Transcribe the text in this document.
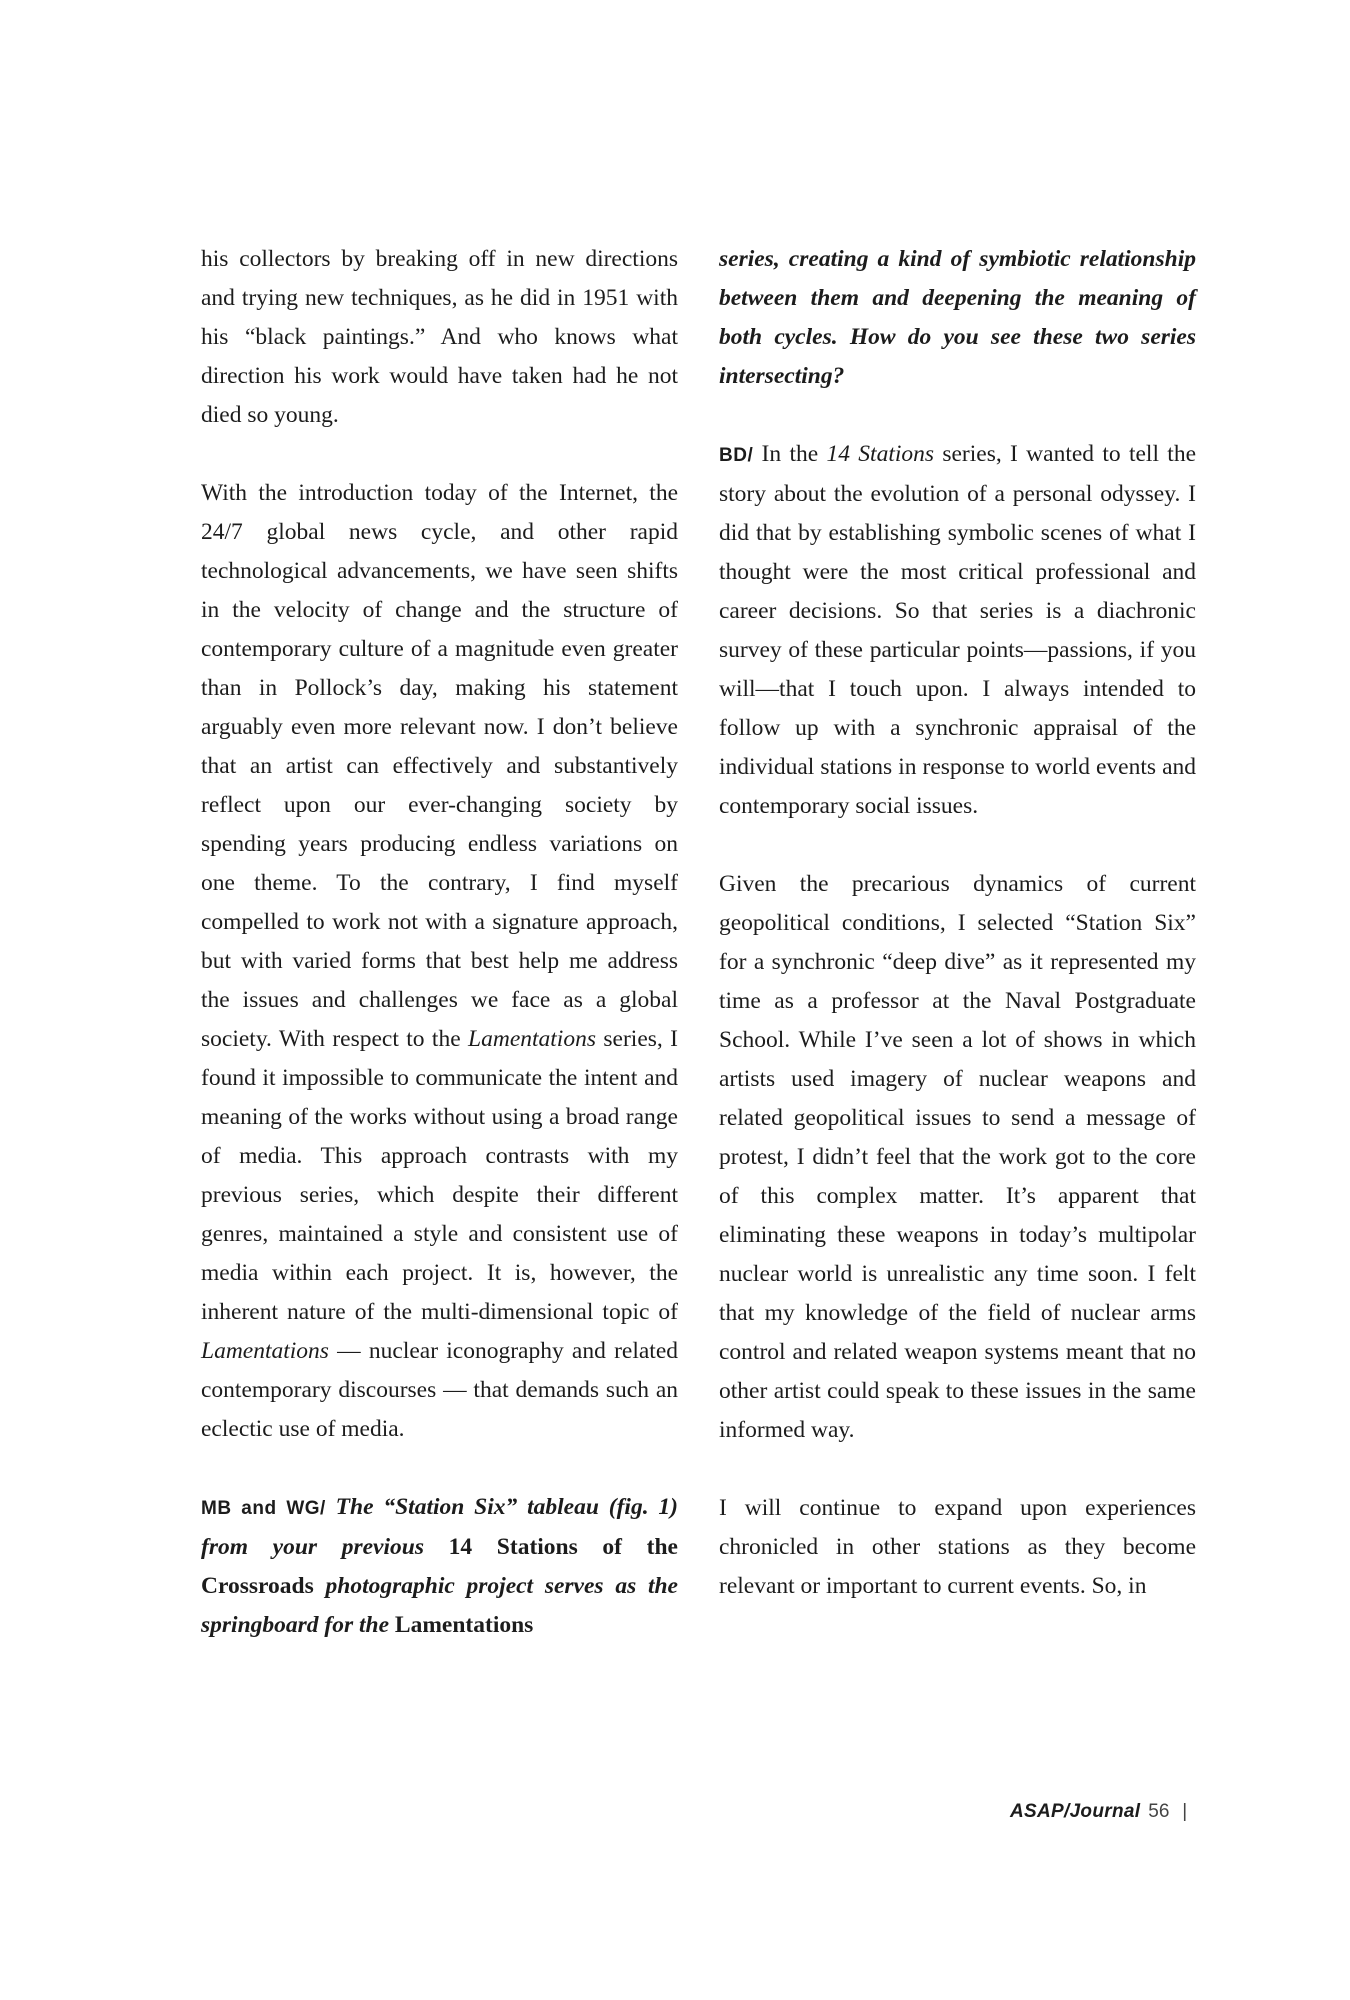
his collectors by breaking off in new directions and trying new techniques, as he did in 1951 with his “black paintings.” And who knows what direction his work would have taken had he not died so young.

With the introduction today of the Internet, the 24/7 global news cycle, and other rapid technological advancements, we have seen shifts in the velocity of change and the structure of contemporary culture of a magnitude even greater than in Pollock’s day, making his statement arguably even more relevant now. I don’t believe that an artist can effectively and substantively reflect upon our ever-changing society by spending years producing endless variations on one theme. To the contrary, I find myself compelled to work not with a signature approach, but with varied forms that best help me address the issues and challenges we face as a global society. With respect to the Lamentations series, I found it impossible to communicate the intent and meaning of the works without using a broad range of media. This approach contrasts with my previous series, which despite their different genres, maintained a style and consistent use of media within each project. It is, however, the inherent nature of the multi-dimensional topic of Lamentations — nuclear iconography and related contemporary discourses — that demands such an eclectic use of media.

MB and WG/ The “Station Six” tableau (fig. 1) from your previous 14 Stations of the Crossroads photographic project serves as the springboard for the Lamentations

series, creating a kind of symbiotic relationship between them and deepening the meaning of both cycles. How do you see these two series intersecting?

BD/ In the 14 Stations series, I wanted to tell the story about the evolution of a personal odyssey. I did that by establishing symbolic scenes of what I thought were the most critical professional and career decisions. So that series is a diachronic survey of these particular points—passions, if you will—that I touch upon. I always intended to follow up with a synchronic appraisal of the individual stations in response to world events and contemporary social issues.

Given the precarious dynamics of current geopolitical conditions, I selected “Station Six” for a synchronic “deep dive” as it represented my time as a professor at the Naval Postgraduate School. While I’ve seen a lot of shows in which artists used imagery of nuclear weapons and related geopolitical issues to send a message of protest, I didn’t feel that the work got to the core of this complex matter. It’s apparent that eliminating these weapons in today’s multipolar nuclear world is unrealistic any time soon. I felt that my knowledge of the field of nuclear arms control and related weapon systems meant that no other artist could speak to these issues in the same informed way.

I will continue to expand upon experiences chronicled in other stations as they become relevant or important to current events. So, in

ASAP/Journal 56 |
